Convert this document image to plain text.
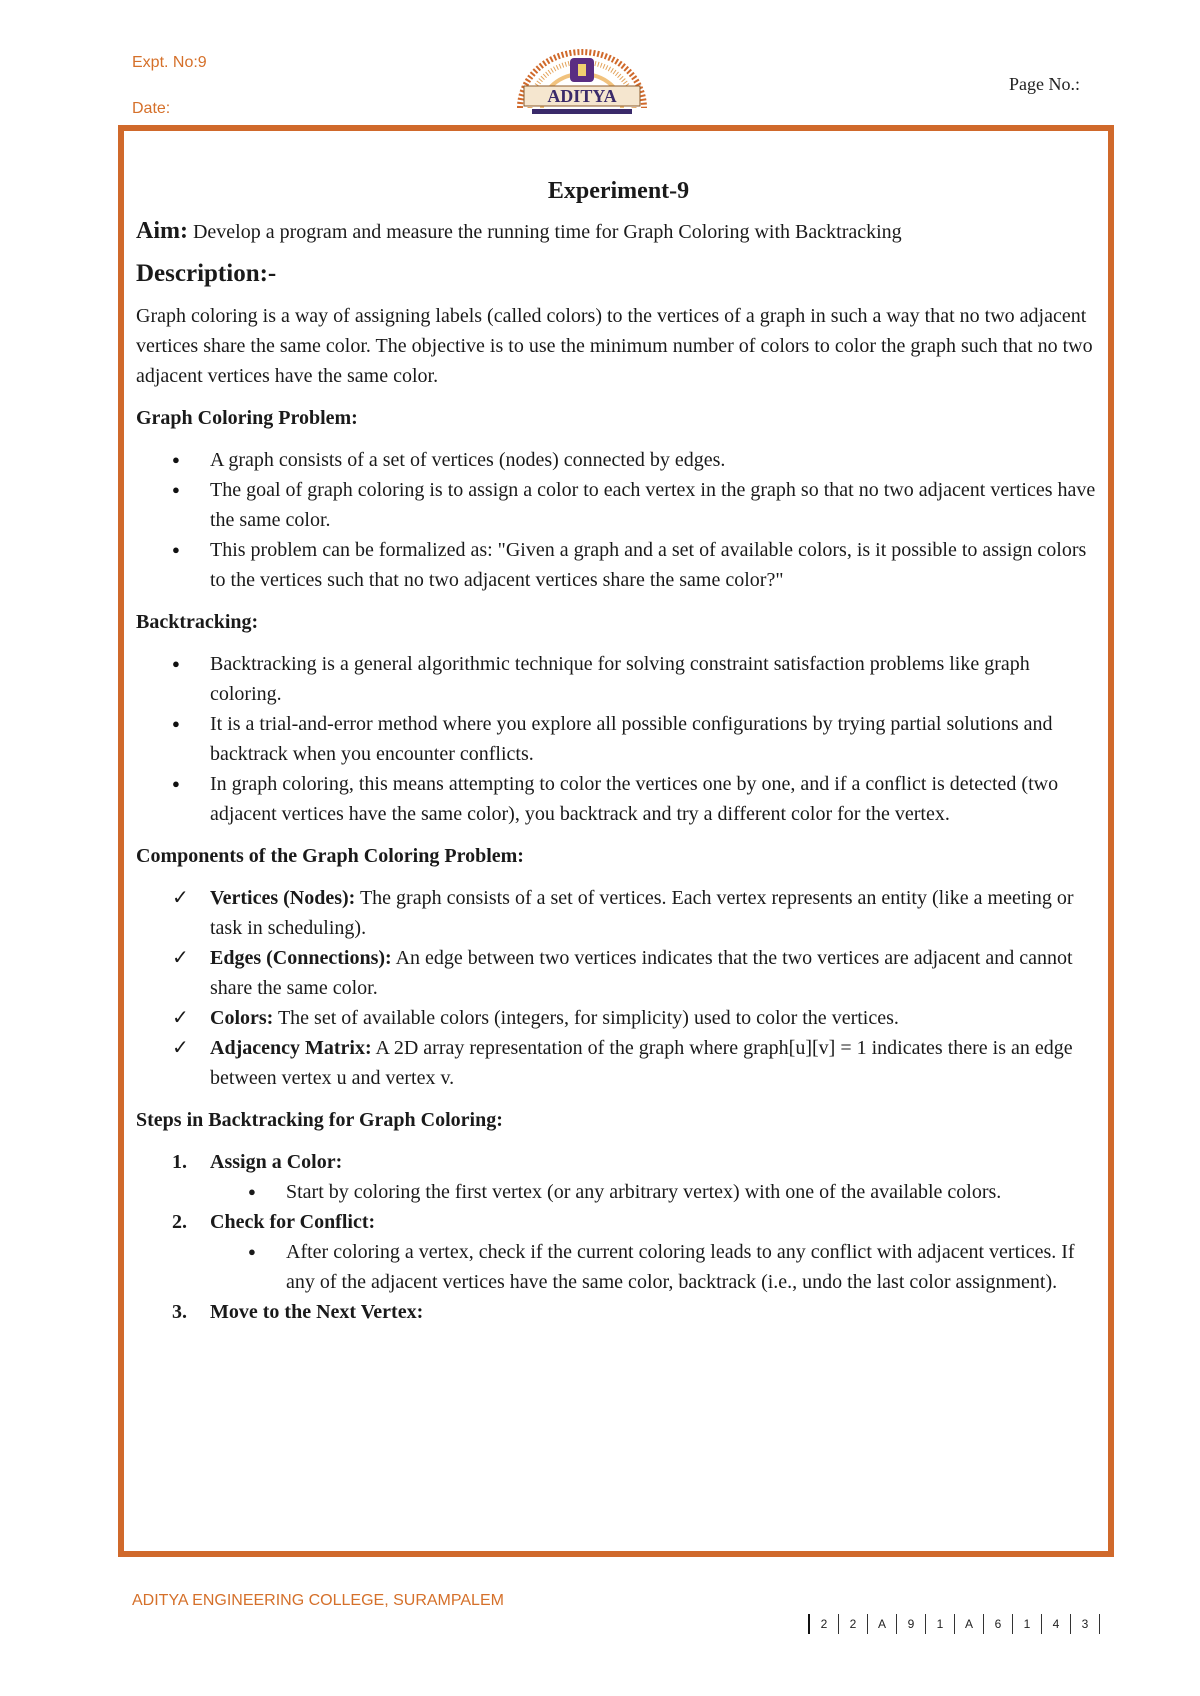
Expt. No:9
Date:
ADITYA
Page No.:
Experiment-9
Aim: Develop a program and measure the running time for Graph Coloring with Backtracking
Description:-

Graph coloring is a way of assigning labels (called colors) to the vertices of a graph in such a way that no two adjacent vertices share the same color. The objective is to use the minimum number of colors to color the graph such that no two adjacent vertices have the same color.

Graph Coloring Problem:
● A graph consists of a set of vertices (nodes) connected by edges.
● The goal of graph coloring is to assign a color to each vertex in the graph so that no two adjacent vertices have the same color.
● This problem can be formalized as: "Given a graph and a set of available colors, is it possible to assign colors to the vertices such that no two adjacent vertices share the same color?"
Backtracking:
● Backtracking is a general algorithmic technique for solving constraint satisfaction problems like graph coloring.
● It is a trial-and-error method where you explore all possible configurations by trying partial solutions and backtrack when you encounter conflicts.
● In graph coloring, this means attempting to color the vertices one by one, and if a conflict is detected (two adjacent vertices have the same color), you backtrack and try a different color for the vertex.
Components of the Graph Coloring Problem:
✓ Vertices (Nodes): The graph consists of a set of vertices. Each vertex represents an entity (like a meeting or task in scheduling).
✓ Edges (Connections): An edge between two vertices indicates that the two vertices are adjacent and cannot share the same color.
✓ Colors: The set of available colors (integers, for simplicity) used to color the vertices.
✓ Adjacency Matrix: A 2D array representation of the graph where graph[u][v] = 1 indicates there is an edge between vertex u and vertex v.
Steps in Backtracking for Graph Coloring:
1. Assign a Color:
● Start by coloring the first vertex (or any arbitrary vertex) with one of the available colors.
2. Check for Conflict:
● After coloring a vertex, check if the current coloring leads to any conflict with adjacent vertices. If any of the adjacent vertices have the same color, backtrack (i.e., undo the last color assignment).
3. Move to the Next Vertex:
ADITYA ENGINEERING COLLEGE, SURAMPALEM
2	2	A	9	1	A	6	1	4	3
